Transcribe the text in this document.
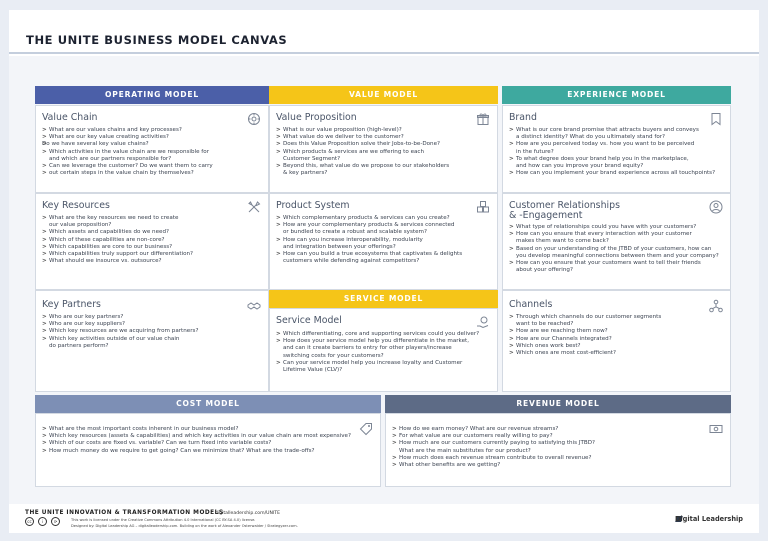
THE UNITE BUSINESS MODEL CANVAS
OPERATING MODEL	VALUE MODEL	EXPERIENCE MODEL
Value Chain
> What are our values chains and key processes?
> What are our key value creating activities?
> Do we have several key value chains?
> Which activities in the value chain are we responsible for
and which are our partners responsible for?
> Can we leverage the customer? Do we want them to carry
> out certain steps in the value chain by themselves?
Value Proposition
> What is our value proposition (high-level)?
> What value do we deliver to the customer?
> Does this Value Proposition solve their Jobs-to-be-Done?
> Which products & services are we offering to each
Customer Segment?
> Beyond this, what value do we propose to our stakeholders
& key partners?
Brand
> What is our core brand promise that attracts buyers and conveys
a distinct identity? What do you ultimately stand for?
> How are you perceived today vs. how you want to be perceived
in the future?
> To what degree does your brand help you in the marketplace,
and how can you improve your brand equity?
> How can you implement your brand experience across all touchpoints?
Key Resources
> What are the key resources we need to create
our value proposition?
> Which assets and capabilities do we need?
> Which of these capabilities are non-core?
> Which capabilities are core to our business?
> Which capabilities truly support our differentiation?
> What should we insource vs. outsource?
Product System
> Which complementary products & services can you create?
> How are your complementary products & services connected
or bundled to create a robust and scalable system?
> How can you increase interoperability, modularity
and integration between your offerings?
> How can you build a true ecosystems that captivates & delights
customers while defending against competitors?
Customer Relationships
& -Engagement
> What type of relationships could you have with your customers?
> How can you ensure that every interaction with your customer
makes them want to come back?
> Based on your understanding of the JTBD of your customers, how can
you develop meaningful connections between them and your company?
> How can you ensure that your customers want to tell their friends
about your offering?
Key Partners
> Who are our key partners?
> Who are our key suppliers?
> Which key resources are we acquiring from partners?
> Which key activities outside of our value chain
do partners perform?
SERVICE MODEL
Service Model
> Which differentiating, core and supporting services could you deliver?
> How does your service model help you differentiate in the market,
and can it create barriers to entry for other players/increase
switching costs for your customers?
> Can your service model help you increase loyalty and Customer
Lifetime Value (CLV)?
Channels
> Through which channels do our customer segments
want to be reached?
> How are we reaching them now?
> How are our Channels integrated?
> Which ones work best?
> Which ones are most cost-efficient?
COST MODEL
> What are the most important costs inherent in our business model?
> Which key resources (assets & capabilities) and which key activities in our value chain are most expensive?
> Which of our costs are fixed vs. variable? Can we turn fixed into variable costs?
> How much money do we require to get going? Can we minimize that? What are the trade-offs?
REVENUE MODEL
> How do we earn money? What are our revenue streams?
> For what value are our customers really willing to pay?
> How much are our customers currently paying to satisfying this JTBD?
What are the main substitutes for our product?
> How much does each revenue stream contribute to overall revenue?
> What other benefits are we getting?
THE UNITE INNOVATION & TRANSFORMATION MODELS
digitalleadership.com/UNITE
cc	i	⟳	This work is licensed under the Creative Commons Attribution 4.0 International (CC BY-SA 4.0) license.
Designed by: Digital Leadership AG – digitalleadership.com. Building on the work of Alexander Osterwalder / Strategyzer.com.
Digital Leadership
